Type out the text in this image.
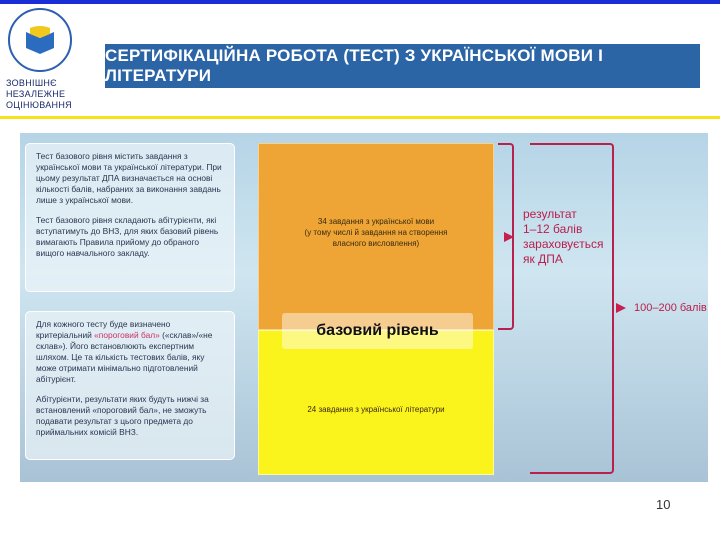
ЗОВНІШНЄ
НЕЗАЛЕЖНЕ
ОЦІНЮВАННЯ
СЕРТИФІКАЦІЙНА РОБОТА (ТЕСТ) З УКРАЇНСЬКОЇ МОВИ І ЛІТЕРАТУРИ

Тест базового рівня містить завдання з української мови та української літератури. При цьому результат ДПА визначається на основі кількості балів, набраних за виконання завдань лише з української мови.

Тест базового рівня складають абітурієнти, які вступатимуть до ВНЗ, для яких базовий рівень вимагають Правила прийому до обраного вищого навчального закладу.

Для кожного тесту буде визначено критеріальний «пороговий бал» («склав»/«не склав»). Його встановлюють експертним шляхом. Це та кількість тестових балів, яку може отримати мінімально підготовлений абітурієнт.

Абітурієнти, результати яких будуть нижчі за встановлений «пороговий бал», не зможуть подавати результат з цього предмета до приймальних комісій ВНЗ.

34 завдання з української мови
(у тому числі й завдання на створення
власного висловлення)
24 завдання з української літератури
базовий рівень
результат
1–12 балів
зараховується
як ДПА
100–200 балів
10
